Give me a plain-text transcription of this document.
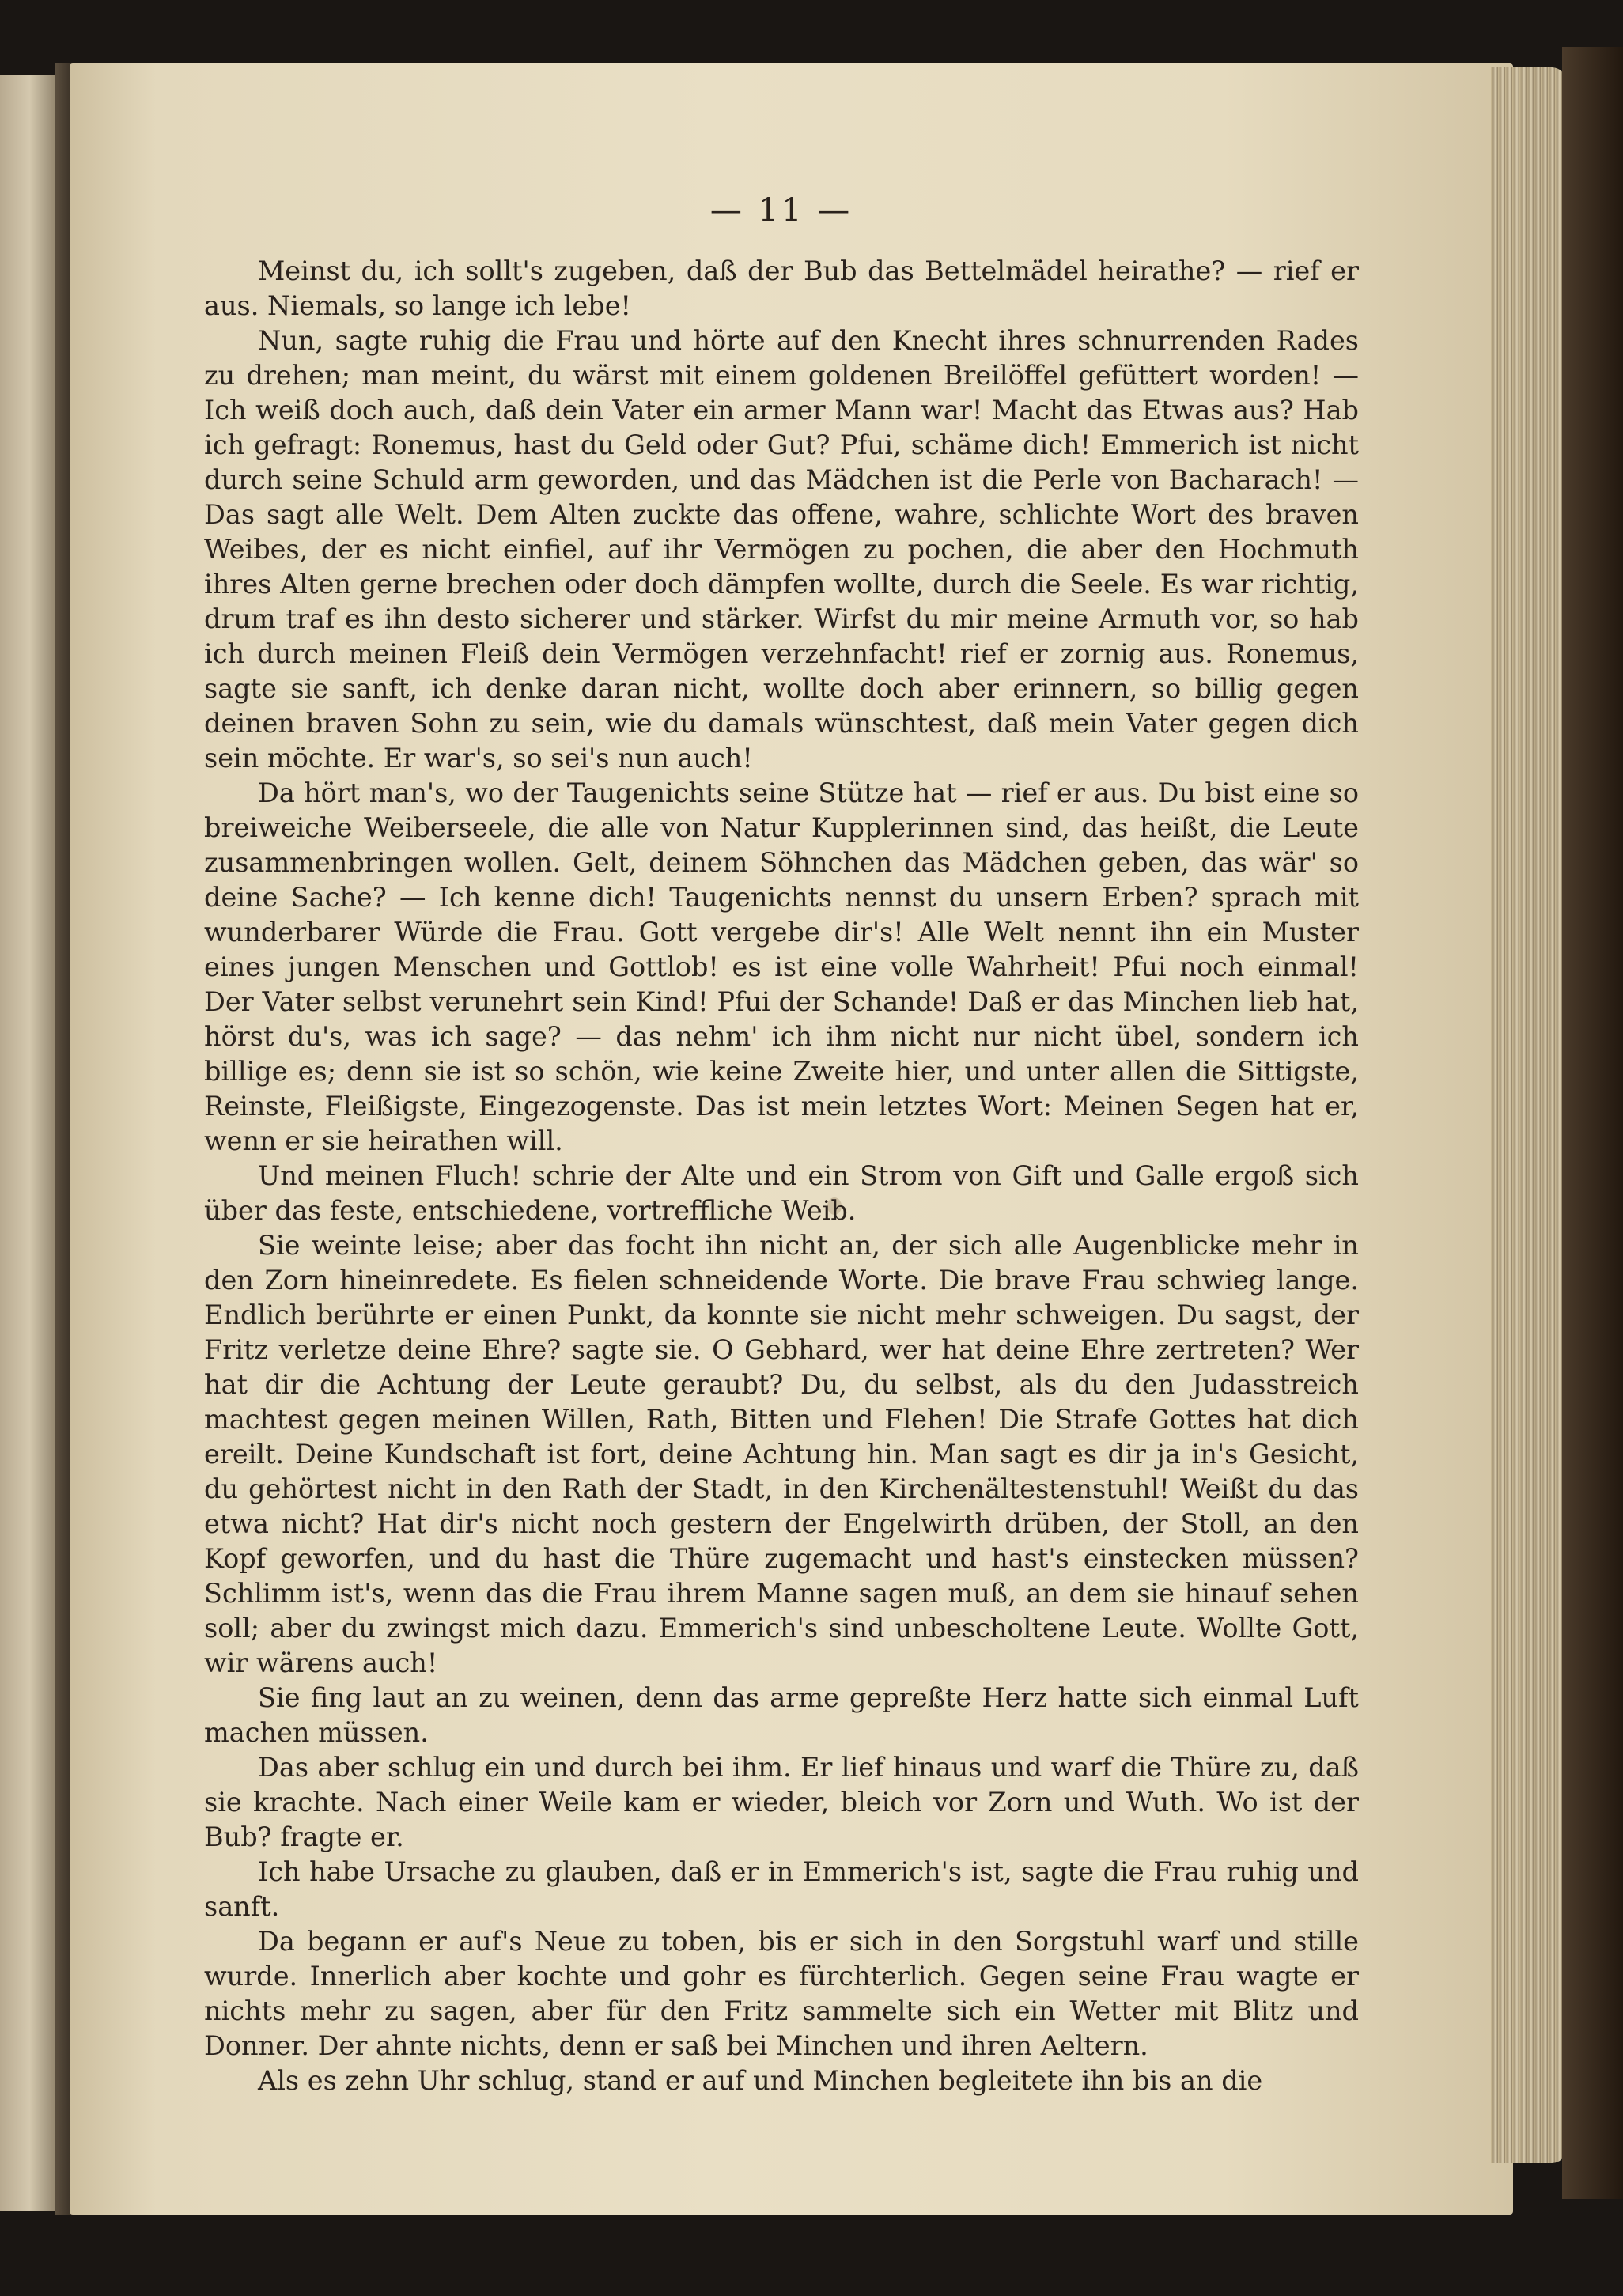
— 11 —

Meinst du, ich sollt's zugeben, daß der Bub das Bettelmädel heirathe? — rief er aus. Niemals, so lange ich lebe!

Nun, sagte ruhig die Frau und hörte auf den Knecht ihres schnurrenden Rades zu drehen; man meint, du wärst mit einem goldenen Breilöffel gefüttert worden! — Ich weiß doch auch, daß dein Vater ein armer Mann war! Macht das Etwas aus? Hab ich gefragt: Ronemus, hast du Geld oder Gut? Pfui, schäme dich! Emmerich ist nicht durch seine Schuld arm geworden, und das Mädchen ist die Perle von Bacharach! — Das sagt alle Welt. Dem Alten zuckte das offene, wahre, schlichte Wort des braven Weibes, der es nicht einfiel, auf ihr Vermögen zu pochen, die aber den Hochmuth ihres Alten gerne brechen oder doch dämpfen wollte, durch die Seele. Es war richtig, drum traf es ihn desto sicherer und stärker. Wirfst du mir meine Armuth vor, so hab ich durch meinen Fleiß dein Vermögen verzehnfacht! rief er zornig aus. Ronemus, sagte sie sanft, ich denke daran nicht, wollte doch aber erinnern, so billig gegen deinen braven Sohn zu sein, wie du damals wünschtest, daß mein Vater gegen dich sein möchte. Er war's, so sei's nun auch!

Da hört man's, wo der Taugenichts seine Stütze hat — rief er aus. Du bist eine so breiweiche Weiberseele, die alle von Natur Kupplerinnen sind, das heißt, die Leute zusammenbringen wollen. Gelt, deinem Söhnchen das Mädchen geben, das wär' so deine Sache? — Ich kenne dich! Taugenichts nennst du unsern Erben? sprach mit wunderbarer Würde die Frau. Gott vergebe dir's! Alle Welt nennt ihn ein Muster eines jungen Menschen und Gottlob! es ist eine volle Wahrheit! Pfui noch einmal! Der Vater selbst verunehrt sein Kind! Pfui der Schande! Daß er das Minchen lieb hat, hörst du's, was ich sage? — das nehm' ich ihm nicht nur nicht übel, sondern ich billige es; denn sie ist so schön, wie keine Zweite hier, und unter allen die Sittigste, Reinste, Fleißigste, Eingezogenste. Das ist mein letztes Wort: Meinen Segen hat er, wenn er sie heirathen will.

Und meinen Fluch! schrie der Alte und ein Strom von Gift und Galle ergoß sich über das feste, entschiedene, vortreffliche Weib.

Sie weinte leise; aber das focht ihn nicht an, der sich alle Augenblicke mehr in den Zorn hineinredete. Es fielen schneidende Worte. Die brave Frau schwieg lange. Endlich berührte er einen Punkt, da konnte sie nicht mehr schweigen. Du sagst, der Fritz verletze deine Ehre? sagte sie. O Gebhard, wer hat deine Ehre zertreten? Wer hat dir die Achtung der Leute geraubt? Du, du selbst, als du den Judasstreich machtest gegen meinen Willen, Rath, Bitten und Flehen! Die Strafe Gottes hat dich ereilt. Deine Kundschaft ist fort, deine Achtung hin. Man sagt es dir ja in's Gesicht, du gehörtest nicht in den Rath der Stadt, in den Kirchenältestenstuhl! Weißt du das etwa nicht? Hat dir's nicht noch gestern der Engelwirth drüben, der Stoll, an den Kopf geworfen, und du hast die Thüre zugemacht und hast's einstecken müssen? Schlimm ist's, wenn das die Frau ihrem Manne sagen muß, an dem sie hinauf sehen soll; aber du zwingst mich dazu. Emmerich's sind unbescholtene Leute. Wollte Gott, wir wärens auch!

Sie fing laut an zu weinen, denn das arme gepreßte Herz hatte sich einmal Luft machen müssen.

Das aber schlug ein und durch bei ihm. Er lief hinaus und warf die Thüre zu, daß sie krachte. Nach einer Weile kam er wieder, bleich vor Zorn und Wuth. Wo ist der Bub? fragte er.

Ich habe Ursache zu glauben, daß er in Emmerich's ist, sagte die Frau ruhig und sanft.

Da begann er auf's Neue zu toben, bis er sich in den Sorgstuhl warf und stille wurde. Innerlich aber kochte und gohr es fürchterlich. Gegen seine Frau wagte er nichts mehr zu sagen, aber für den Fritz sammelte sich ein Wetter mit Blitz und Donner. Der ahnte nichts, denn er saß bei Minchen und ihren Aeltern.

Als es zehn Uhr schlug, stand er auf und Minchen begleitete ihn bis an die
